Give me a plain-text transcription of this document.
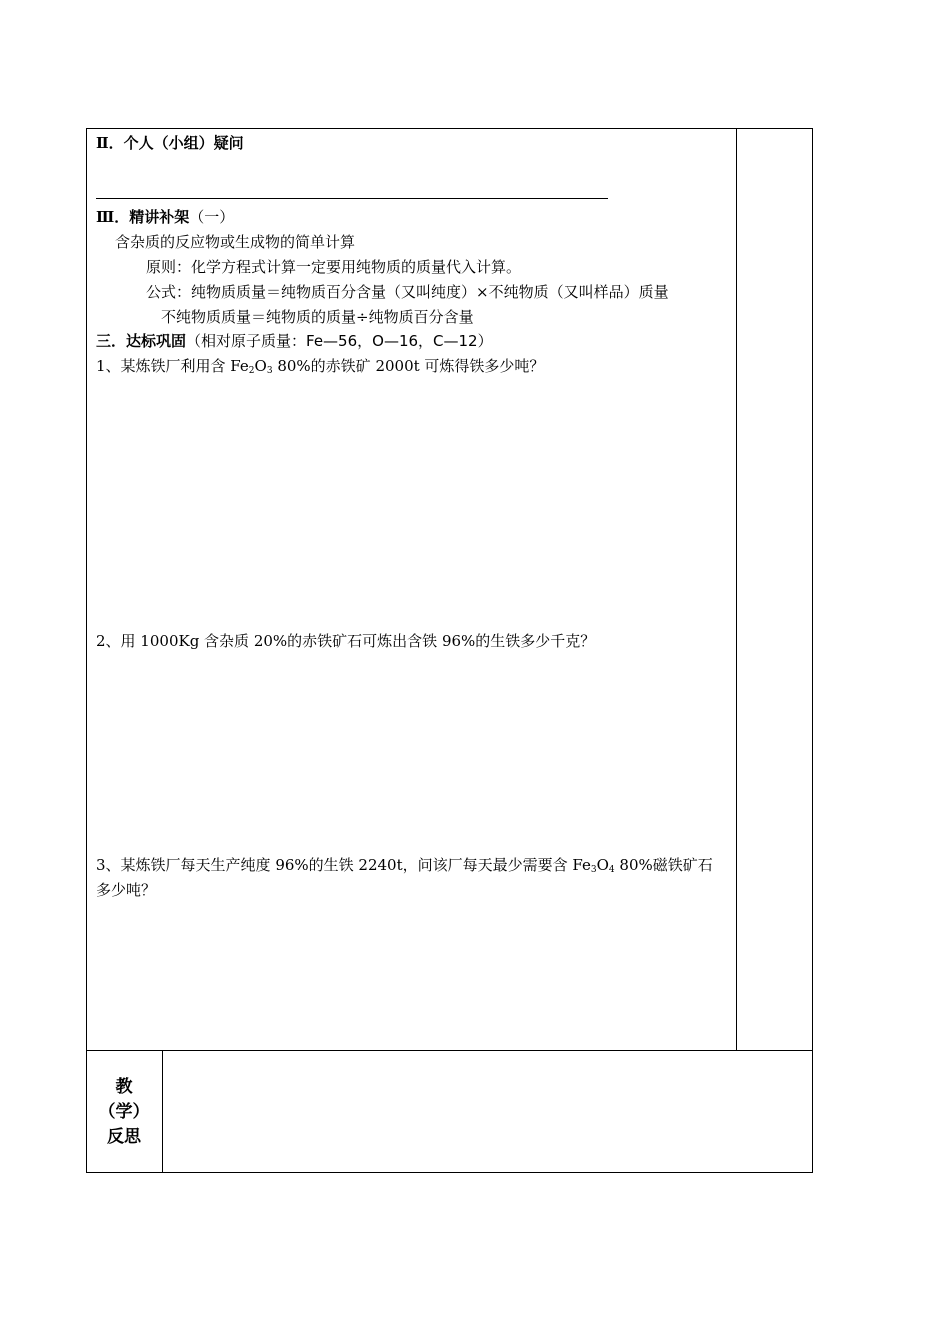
Ⅱ．个人（小组）疑问
Ⅲ．精讲补架（一）
含杂质的反应物或生成物的简单计算
原则：化学方程式计算一定要用纯物质的质量代入计算。
公式：纯物质质量＝纯物质百分含量（又叫纯度）×不纯物质（又叫样品）质量
不纯物质质量＝纯物质的质量÷纯物质百分含量
三．达标巩固（相对原子质量：Fe—56，O—16，C—12）
1、某炼铁厂利用含 $Fe_2O_3$ 80%的赤铁矿 2000t 可炼得铁多少吨？
2、用 1000Kg 含杂质 20%的赤铁矿石可炼出含铁 96%的生铁多少千克？
3、某炼铁厂每天生产纯度 96%的生铁 2240t，问该厂每天最少需要含 $Fe_3O_4$ 80%磁铁矿石
多少吨？
教
（学）
反思
